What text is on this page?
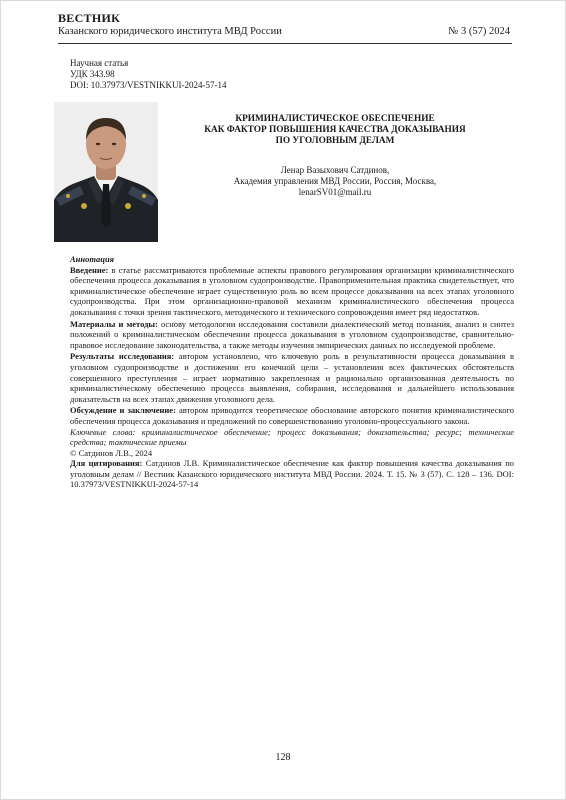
ВЕСТНИК
Казанского юридического института МВД России	№ 3 (57) 2024
Научная статья
УДК 343.98
DOI: 10.37973/VESTNIKKUI-2024-57-14
КРИМИНАЛИСТИЧЕСКОЕ ОБЕСПЕЧЕНИЕ
КАК ФАКТОР ПОВЫШЕНИЯ КАЧЕСТВА ДОКАЗЫВАНИЯ
ПО УГОЛОВНЫМ ДЕЛАМ
Ленар Вазыхович Сатдинов,
Академия управления МВД России, Россия, Москва,
lenarSV01@mail.ru

Аннотация

Введение: в статье рассматриваются проблемные аспекты правового регулирования организации криминалистического обеспечения процесса доказывания в уголовном судопроизводстве. Правоприменительная практика свидетельствует, что криминалистическое обеспечение играет существенную роль во всем процессе доказывания на всех этапах уголовного судопроизводства. При этом организационно-правовой механизм криминалистического обеспечения процесса доказывания с точки зрения тактического, методического и технического сопровождения имеет ряд недостатков.

Материалы и методы: основу методологии исследования составили диалектический метод познания, анализ и синтез положений о криминалистическом обеспечении процесса доказывания в уголовном судопроизводстве, сравнительно-правовое исследование законодательства, а также методы изучения эмпирических данных по исследуемой проблеме.

Результаты исследования: автором установлено, что ключевую роль в результативности процесса доказывания в уголовном судопроизводстве и достижении его конечной цели – установления всех фактических обстоятельств совершенного преступления – играет нормативно закрепленная и рационально организованная деятельность по криминалистическому обеспечению процесса выявления, собирания, исследования и дальнейшего использования доказательств на всех этапах движения уголовного дела.

Обсуждение и заключение: автором приводится теоретическое обоснование авторского понятия криминалистического обеспечения процесса доказывания и предложений по совершенствованию уголовно-процессуального закона.

Ключевые слова: криминалистическое обеспечение; процесс доказывания; доказательства; ресурс; технические средства; тактические приемы

© Сатдинов Л.В., 2024

Для цитирования: Сатдинов Л.В. Криминалистическое обеспечение как фактор повышения качества доказывания по уголовным делам // Вестник Казанского юридического института МВД России. 2024. Т. 15. № 3 (57). С. 128 – 136. DOI: 10.37973/VESTNIKKUI-2024-57-14

128
